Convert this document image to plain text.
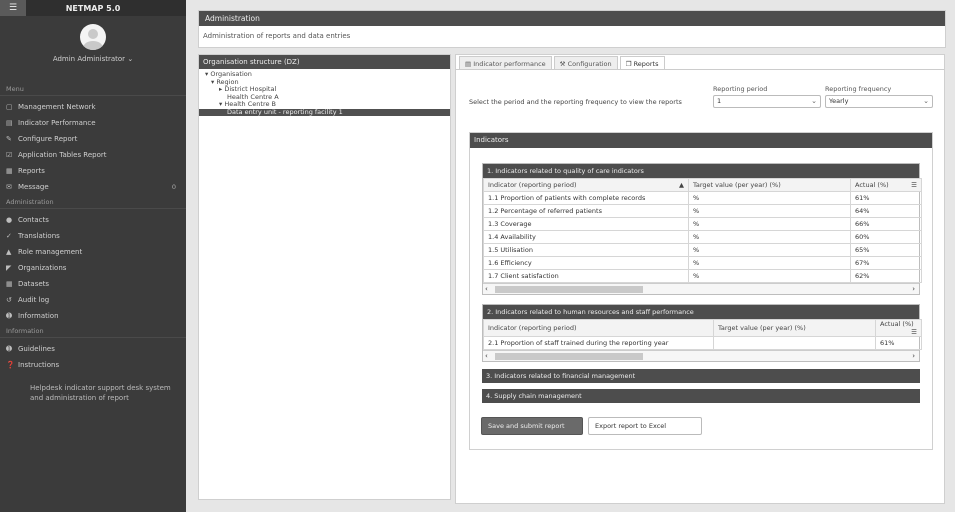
☰	NETMAP 5.0
Admin Administrator ⌄
Menu
▢ Management Network
▤ Indicator Performance
✎ Configure Report
☑ Application Tables Report
▦ Reports
✉ Message	0
Administration
● Contacts
✓ Translations
▲ Role management
◤ Organizations
▦ Datasets
↺ Audit log
➊ Information
Information
➊ Guidelines
❓ Instructions
Helpdesk indicator support desk system and administration of report
Administration
Administration of reports and data entries
Organisation structure (DZ)
▾ Organisation
▾ Region
▸ District Hospital
Health Centre A
▾ Health Centre B
Data entry unit - reporting facility 1
▤ Indicator performance	⚒ Configuration	❐ Reports
Select the period and the reporting frequency to view the reports
Reporting period
1	⌄
Reporting frequency
Yearly	⌄
Indicators
1. Indicators related to quality of care indicators
Indicator (reporting period) ▲	Target value (per year) (%)	Actual (%) ☰

1.1 Proportion of patients with complete records	%	61%
1.2 Percentage of referred patients	%	64%
1.3 Coverage	%	66%
1.4 Availability	%	60%
1.5 Utilisation	%	65%
1.6 Efficiency	%	67%
1.7 Client satisfaction	%	62%
‹	›
2. Indicators related to human resources and staff performance
Indicator (reporting period)	Target value (per year) (%)	Actual (%)
☰

2.1 Proportion of staff trained during the reporting year		61%
‹	›
3. Indicators related to financial management
4. Supply chain management
Save and submit report	Export report to Excel
